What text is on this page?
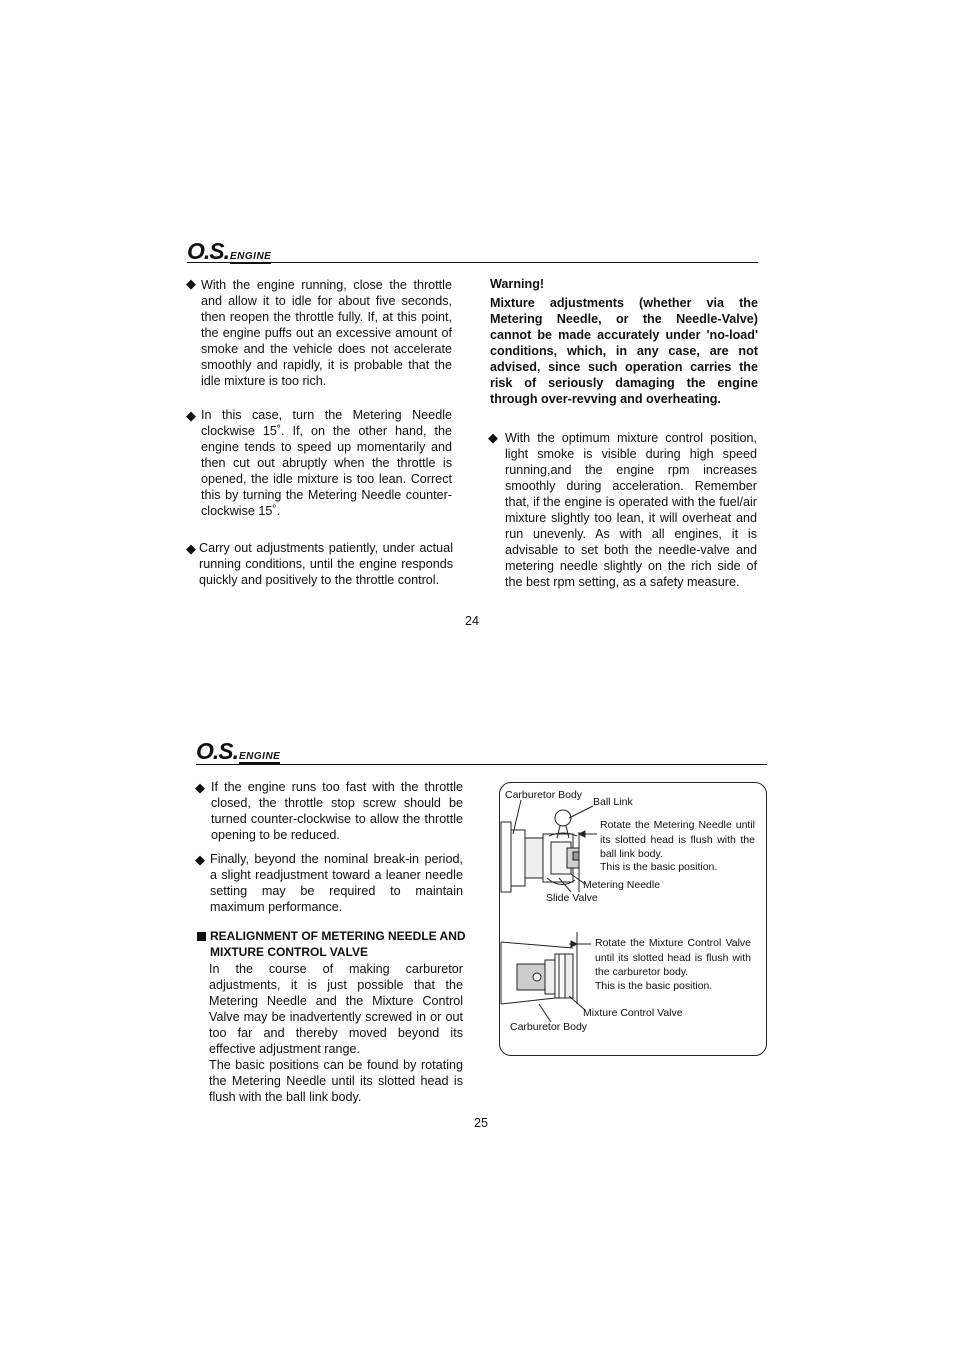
O.S.ENGINE
◆ With the engine running, close the throttle and allow it to idle for about five seconds, then reopen the throttle fully. If, at this point, the engine puffs out an excessive amount of smoke and the vehicle does not accelerate smoothly and rapidly, it is probable that the idle mixture is too rich.
◆ In this case, turn the Metering Needle clockwise 15˚. If, on the other hand, the engine tends to speed up momentarily and then cut out abruptly when the throttle is opened, the idle mixture is too lean. Correct this by turning the Metering Needle counter-clockwise 15˚.
◆ Carry out adjustments patiently, under actual running conditions, until the engine responds quickly and positively to the throttle control.
Warning!
Mixture adjustments (whether via the Metering Needle, or the Needle-Valve) cannot be made accurately under 'no-load' conditions, which, in any case, are not advised, since such operation carries the risk of seriously damaging the engine through over-revving and overheating.
◆ With the optimum mixture control position, light smoke is visible during high speed running,and the engine rpm increases smoothly during acceleration. Remember that, if the engine is operated with the fuel/air mixture slightly too lean, it will overheat and run unevenly. As with all engines, it is advisable to set both the needle-valve and metering needle slightly on the rich side of the best rpm setting, as a safety measure.
24
O.S.ENGINE
◆ If the engine runs too fast with the throttle closed, the throttle stop screw should be turned counter-clockwise to allow the throttle opening to be reduced.
◆ Finally, beyond the nominal break-in period, a slight readjustment toward a leaner needle setting may be required to maintain maximum performance.
REALIGNMENT OF METERING NEEDLE AND
MIXTURE CONTROL VALVE
In the course of making carburetor adjustments, it is just possible that the Metering Needle and the Mixture Control Valve may be inadvertently screwed in or out too far and thereby moved beyond its effective adjustment range.
The basic positions can be found by rotating the Metering Needle until its slotted head is flush with the ball link body.
Carburetor Body
Ball Link
Rotate the Metering Needle until its slotted head is flush with the ball link body.
This is the basic position.
Metering Needle
Slide Valve
Rotate the Mixture Control Valve until its slotted head is flush with the carburetor body.
This is the basic position.
Mixture Control Valve
Carburetor Body
25
